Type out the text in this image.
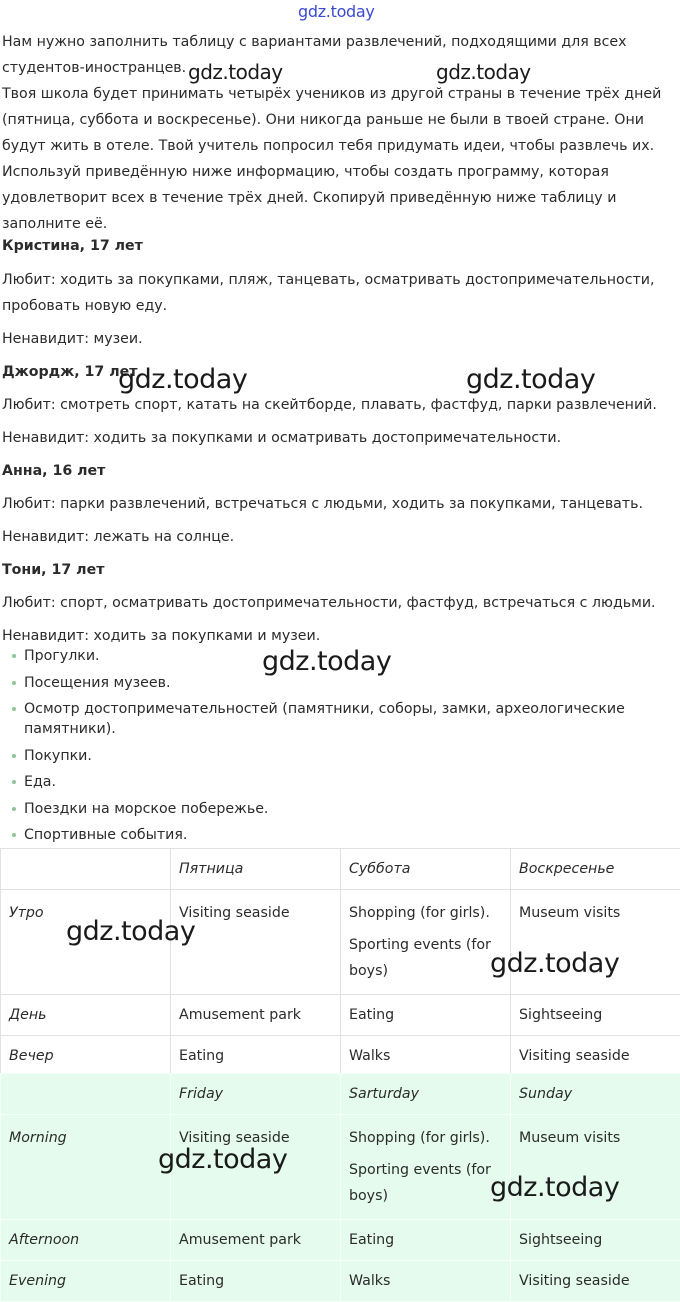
gdz.today

Нам нужно заполнить таблицу с вариантами развлечений, подходящими для всех

студентов-иностранцев.

Твоя школа будет принимать четырёх учеников из другой страны в течение трёх дней

(пятница, суббота и воскресенье). Они никогда раньше не были в твоей стране. Они

будут жить в отеле. Твой учитель попросил тебя придумать идеи, чтобы развлечь их.

Используй приведённую ниже информацию, чтобы создать программу, которая

удовлетворит всех в течение трёх дней. Скопируй приведённую ниже таблицу и

заполните её.

Кристина, 17 лет
Любит: ходить за покупками, пляж, танцевать, осматривать достопримечательности,
пробовать новую еду.
Ненавидит: музеи.
Джордж, 17 лет
Любит: смотреть спорт, катать на скейтборде, плавать, фастфуд, парки развлечений.
Ненавидит: ходить за покупками и осматривать достопримечательности.
Анна, 16 лет
Любит: парки развлечений, встречаться с людьми, ходить за покупками, танцевать.
Ненавидит: лежать на солнце.
Тони, 17 лет
Любит: спорт, осматривать достопримечательности, фастфуд, встречаться с людьми.
Ненавидит: ходить за покупками и музеи.
Прогулки.
Посещения музеев.
Осмотр достопримечательностей (памятники, соборы, замки, археологические
памятники).
Покупки.
Еда.
Поездки на морское побережье.
Спортивные события.
	Пятница	Суббота	Воскресенье
Утро	Visiting seaside	Shopping (for girls).
Sporting events (for
boys)	Museum visits
День	Amusement park	Eating	Sightseeing
Вечер	Eating	Walks	Visiting seaside
	Friday	Sarturday	Sunday
Morning	Visiting seaside	Shopping (for girls).
Sporting events (for
boys)	Museum visits
Afternoon	Amusement park	Eating	Sightseeing
Evening	Eating	Walks	Visiting seaside
gdz.today	gdz.today
gdz.today	gdz.today
gdz.today
gdz.today
gdz.today
gdz.today
gdz.today
